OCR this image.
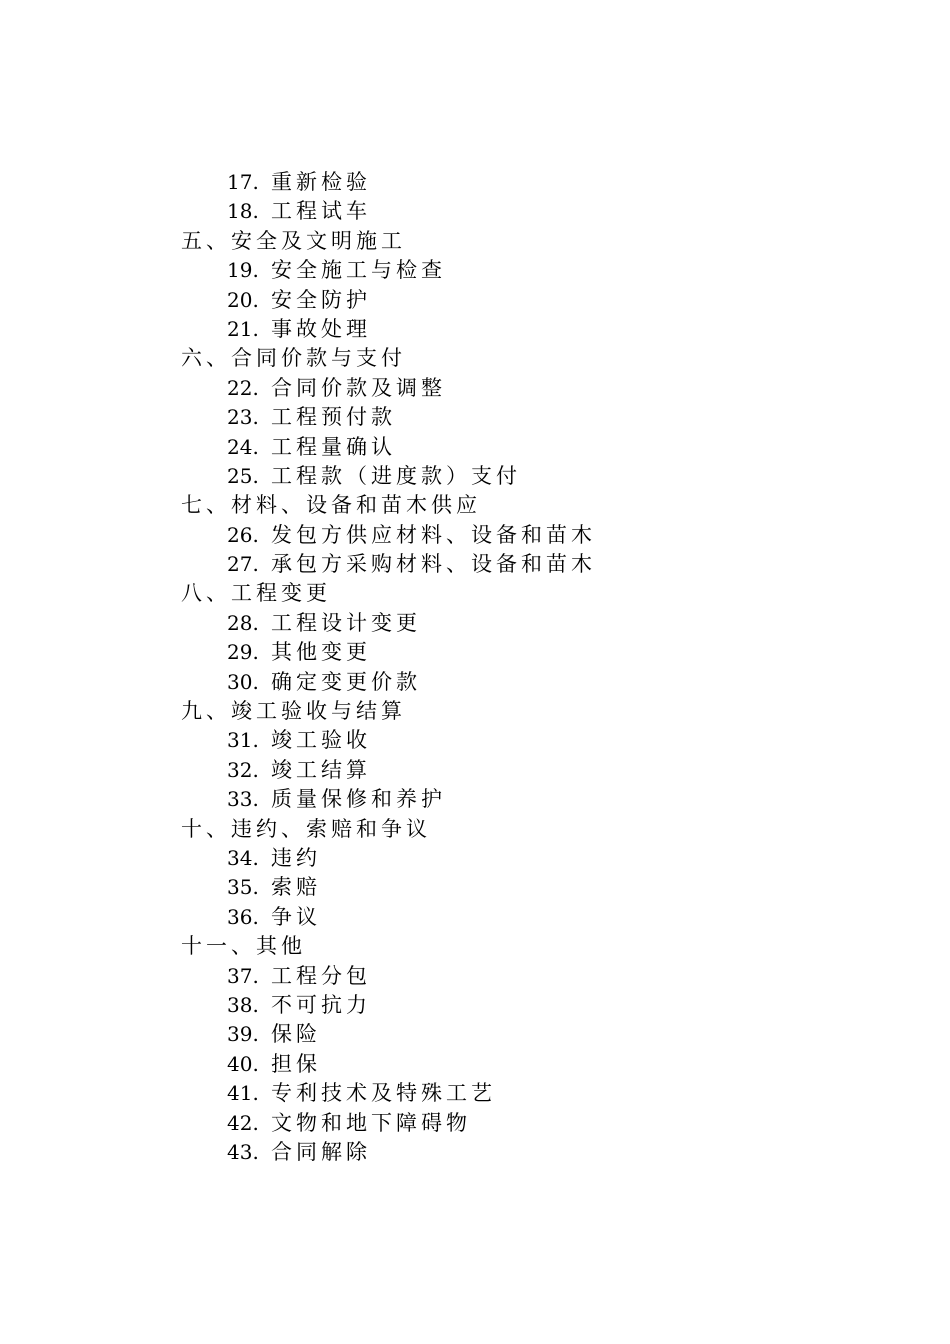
17. 重新检验
18. 工程试车
五、安全及文明施工
19. 安全施工与检查
20. 安全防护
21. 事故处理
六、合同价款与支付
22. 合同价款及调整
23. 工程预付款
24. 工程量确认
25. 工程款（进度款）支付
七、材料、设备和苗木供应
26. 发包方供应材料、设备和苗木
27. 承包方采购材料、设备和苗木
八、工程变更
28. 工程设计变更
29. 其他变更
30. 确定变更价款
九、竣工验收与结算
31. 竣工验收
32. 竣工结算
33. 质量保修和养护
十、违约、索赔和争议
34. 违约
35. 索赔
36. 争议
十一、其他
37. 工程分包
38. 不可抗力
39. 保险
40. 担保
41. 专利技术及特殊工艺
42. 文物和地下障碍物
43. 合同解除
